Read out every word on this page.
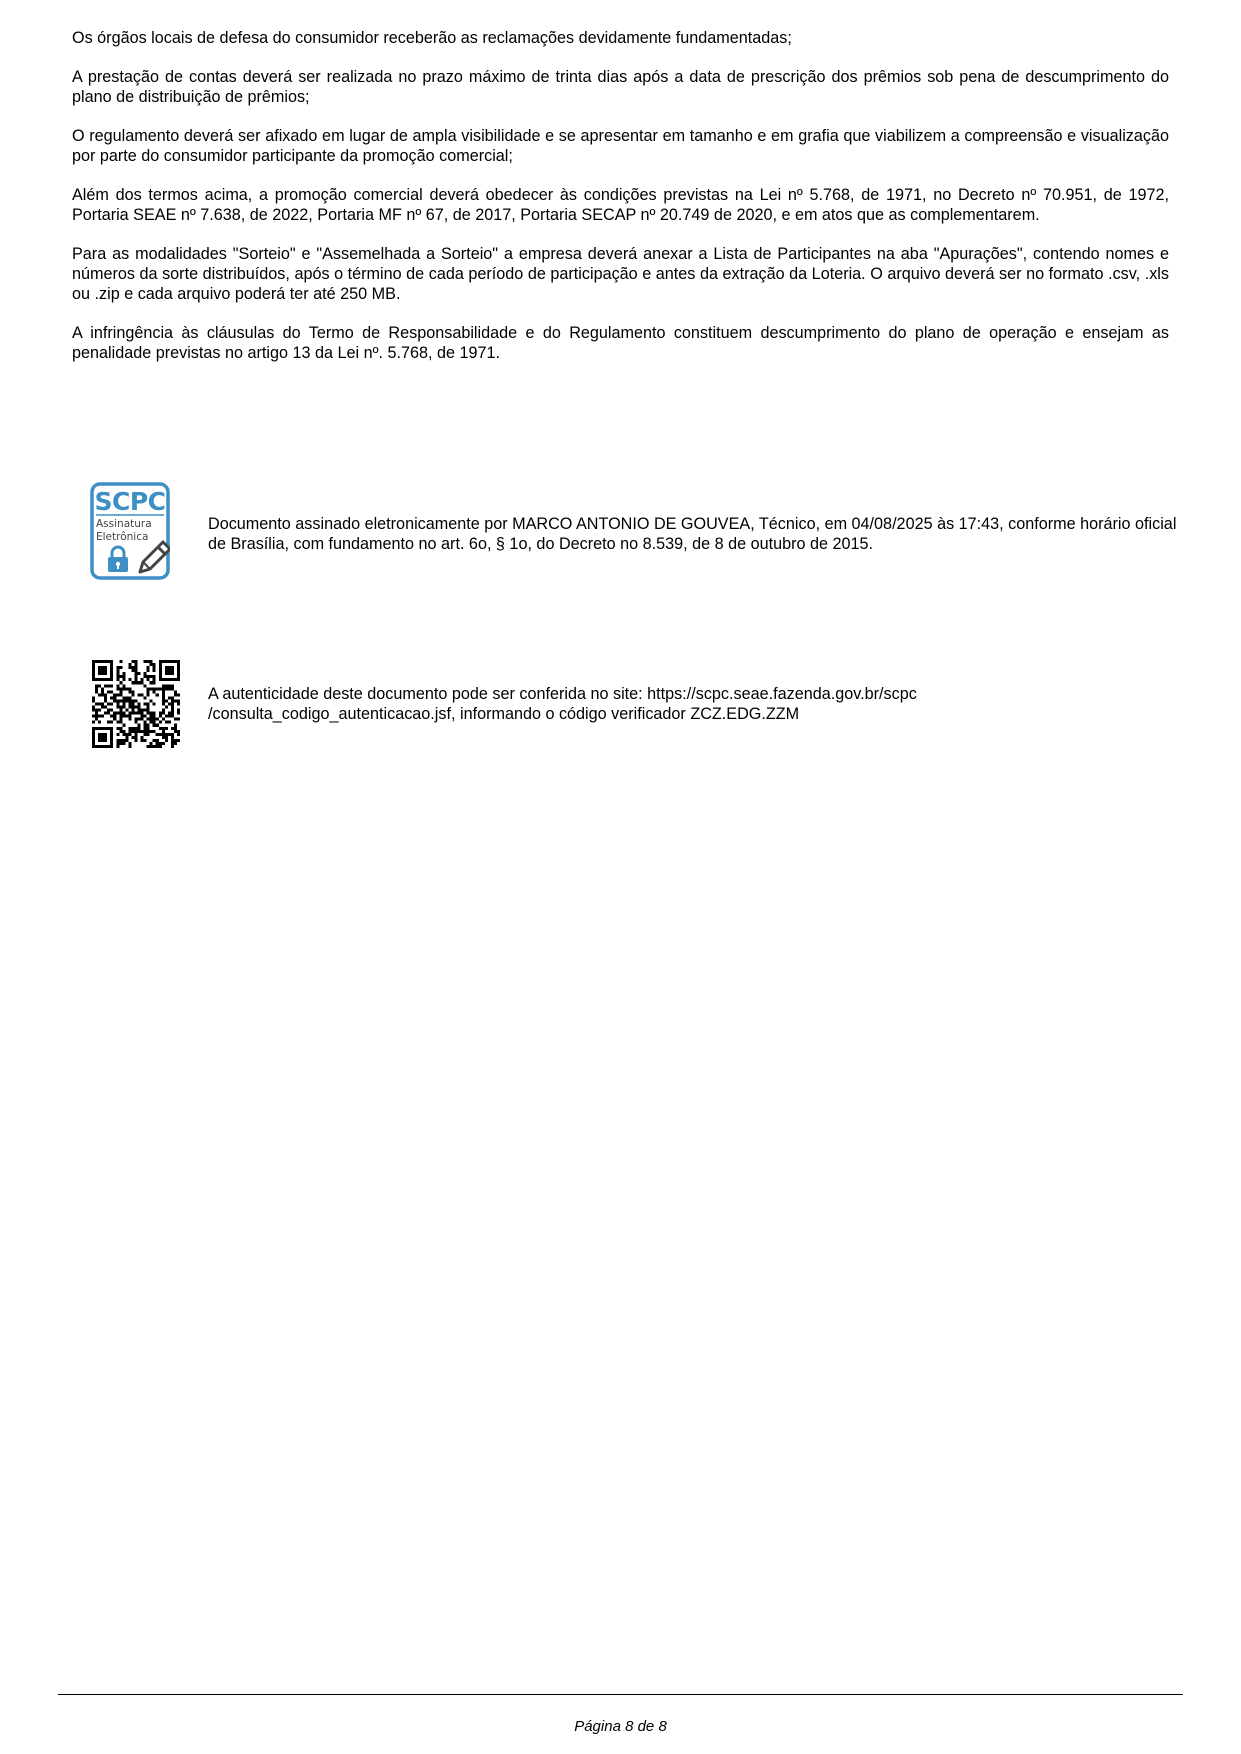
Os órgãos locais de defesa do consumidor receberão as reclamações devidamente fundamentadas;

A prestação de contas deverá ser realizada no prazo máximo de trinta dias após a data de prescrição dos prêmios sob pena de descumprimento do plano de distribuição de prêmios;

O regulamento deverá ser afixado em lugar de ampla visibilidade e se apresentar em tamanho e em grafia que viabilizem a compreensão e visualização por parte do consumidor participante da promoção comercial;

Além dos termos acima, a promoção comercial deverá obedecer às condições previstas na Lei nº 5.768, de 1971, no Decreto nº 70.951, de 1972, Portaria SEAE nº 7.638, de 2022, Portaria MF nº 67, de 2017, Portaria SECAP nº 20.749 de 2020, e em atos que as complementarem.

Para as modalidades "Sorteio" e "Assemelhada a Sorteio" a empresa deverá anexar a Lista de Participantes na aba "Apurações", contendo nomes e números da sorte distribuídos, após o término de cada período de participação e antes da extração da Loteria. O arquivo deverá ser no formato .csv, .xls ou .zip e cada arquivo poderá ter até 250 MB.

A infringência às cláusulas do Termo de Responsabilidade e do Regulamento constituem descumprimento do plano de operação e ensejam as penalidade previstas no artigo 13 da Lei nº. 5.768, de 1971.

SCPC
Assinatura
Eletrônica
Documento assinado eletronicamente por MARCO ANTONIO DE GOUVEA, Técnico, em 04/08/2025 às 17:43, conforme horário oficial de Brasília, com fundamento no art. 6o, § 1o, do Decreto no 8.539, de 8 de outubro de 2015.
A autenticidade deste documento pode ser conferida no site: https://scpc.seae.fazenda.gov.br/scpc
/consulta_codigo_autenticacao.jsf, informando o código verificador ZCZ.EDG.ZZM
Página 8 de 8
